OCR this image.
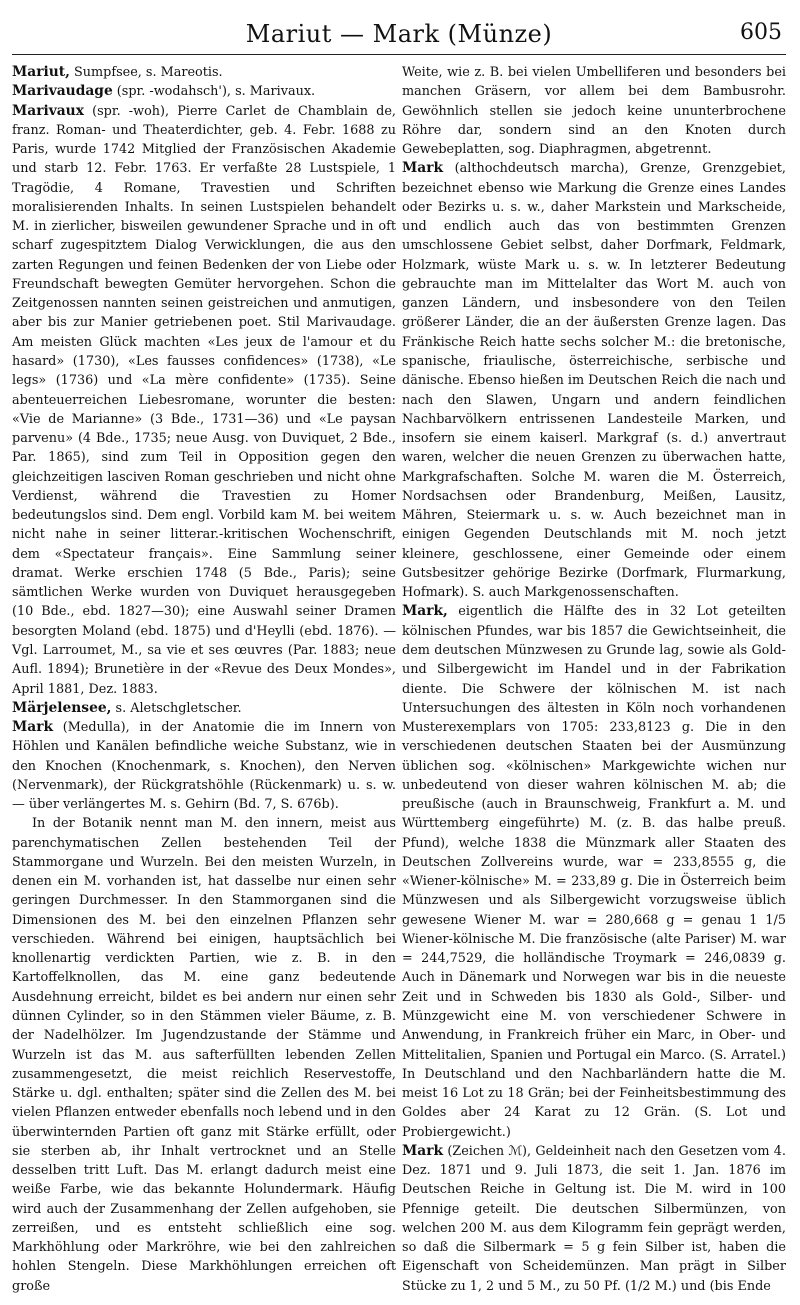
Mariut — Mark (Münze)	605

Mariut, Sumpfsee, s. Mareotis.

Marivaudage (spr. -wodahsch'), s. Marivaux.

Marivaux (spr. -woh), Pierre Carlet de Chamblain de, franz. Roman- und Theaterdichter, geb. 4. Febr. 1688 zu Paris, wurde 1742 Mitglied der Französischen Akademie und starb 12. Febr. 1763. Er verfaßte 28 Lustspiele, 1 Tragödie, 4 Romane, Travestien und Schriften moralisierenden Inhalts. In seinen Lustspielen behandelt M. in zierlicher, bisweilen gewundener Sprache und in oft scharf zugespitztem Dialog Verwicklungen, die aus den zarten Regungen und feinen Bedenken der von Liebe oder Freundschaft bewegten Gemüter hervorgehen. Schon die Zeitgenossen nannten seinen geistreichen und anmutigen, aber bis zur Manier getriebenen poet. Stil Marivaudage. Am meisten Glück machten «Les jeux de l'amour et du hasard» (1730), «Les fausses confidences» (1738), «Le legs» (1736) und «La mère confidente» (1735). Seine abenteuerreichen Liebesromane, worunter die besten: «Vie de Marianne» (3 Bde., 1731—36) und «Le paysan parvenu» (4 Bde., 1735; neue Ausg. von Duviquet, 2 Bde., Par. 1865), sind zum Teil in Opposition gegen den gleichzeitigen lasciven Roman geschrieben und nicht ohne Verdienst, während die Travestien zu Homer bedeutungslos sind. Dem engl. Vorbild kam M. bei weitem nicht nahe in seiner litterar.-kritischen Wochenschrift, dem «Spectateur français». Eine Sammlung seiner dramat. Werke erschien 1748 (5 Bde., Paris); seine sämtlichen Werke wurden von Duviquet herausgegeben (10 Bde., ebd. 1827—30); eine Auswahl seiner Dramen besorgten Moland (ebd. 1875) und d'Heylli (ebd. 1876). — Vgl. Larroumet, M., sa vie et ses œuvres (Par. 1883; neue Aufl. 1894); Brunetière in der «Revue des Deux Mondes», April 1881, Dez. 1883.

Märjelensee, s. Aletschgletscher.

Mark (Medulla), in der Anatomie die im Innern von Höhlen und Kanälen befindliche weiche Substanz, wie in den Knochen (Knochenmark, s. Knochen), den Nerven (Nervenmark), der Rückgratshöhle (Rückenmark) u. s. w. — über verlängertes M. s. Gehirn (Bd. 7, S. 676b).

In der Botanik nennt man M. den innern, meist aus parenchymatischen Zellen bestehenden Teil der Stammorgane und Wurzeln. Bei den meisten Wurzeln, in denen ein M. vorhanden ist, hat dasselbe nur einen sehr geringen Durchmesser. In den Stammorganen sind die Dimensionen des M. bei den einzelnen Pflanzen sehr verschieden. Während bei einigen, hauptsächlich bei knollenartig verdickten Partien, wie z. B. in den Kartoffelknollen, das M. eine ganz bedeutende Ausdehnung erreicht, bildet es bei andern nur einen sehr dünnen Cylinder, so in den Stämmen vieler Bäume, z. B. der Nadelhölzer. Im Jugendzustande der Stämme und Wurzeln ist das M. aus safterfüllten lebenden Zellen zusammengesetzt, die meist reichlich Reservestoffe, Stärke u. dgl. enthalten; später sind die Zellen des M. bei vielen Pflanzen entweder ebenfalls noch lebend und in den überwinternden Partien oft ganz mit Stärke erfüllt, oder sie sterben ab, ihr Inhalt vertrocknet und an Stelle desselben tritt Luft. Das M. erlangt dadurch meist eine weiße Farbe, wie das bekannte Holundermark. Häufig wird auch der Zusammenhang der Zellen aufgehoben, sie zerreißen, und es entsteht schließlich eine sog. Markhöhlung oder Markröhre, wie bei den zahlreichen hohlen Stengeln. Diese Markhöhlungen erreichen oft große

Weite, wie z. B. bei vielen Umbelliferen und besonders bei manchen Gräsern, vor allem bei dem Bambusrohr. Gewöhnlich stellen sie jedoch keine ununterbrochene Röhre dar, sondern sind an den Knoten durch Gewebeplatten, sog. Diaphragmen, abgetrennt.

Mark (althochdeutsch marcha), Grenze, Grenzgebiet, bezeichnet ebenso wie Markung die Grenze eines Landes oder Bezirks u. s. w., daher Markstein und Markscheide, und endlich auch das von bestimmten Grenzen umschlossene Gebiet selbst, daher Dorfmark, Feldmark, Holzmark, wüste Mark u. s. w. In letzterer Bedeutung gebrauchte man im Mittelalter das Wort M. auch von ganzen Ländern, und insbesondere von den Teilen größerer Länder, die an der äußersten Grenze lagen. Das Fränkische Reich hatte sechs solcher M.: die bretonische, spanische, friaulische, österreichische, serbische und dänische. Ebenso hießen im Deutschen Reich die nach und nach den Slawen, Ungarn und andern feindlichen Nachbarvölkern entrissenen Landesteile Marken, und insofern sie einem kaiserl. Markgraf (s. d.) anvertraut waren, welcher die neuen Grenzen zu überwachen hatte, Markgrafschaften. Solche M. waren die M. Österreich, Nordsachsen oder Brandenburg, Meißen, Lausitz, Mähren, Steiermark u. s. w. Auch bezeichnet man in einigen Gegenden Deutschlands mit M. noch jetzt kleinere, geschlossene, einer Gemeinde oder einem Gutsbesitzer gehörige Bezirke (Dorfmark, Flurmarkung, Hofmark). S. auch Markgenossenschaften.

Mark, eigentlich die Hälfte des in 32 Lot geteilten kölnischen Pfundes, war bis 1857 die Gewichtseinheit, die dem deutschen Münzwesen zu Grunde lag, sowie als Gold- und Silbergewicht im Handel und in der Fabrikation diente. Die Schwere der kölnischen M. ist nach Untersuchungen des ältesten in Köln noch vorhandenen Musterexemplars von 1705: 233,8123 g. Die in den verschiedenen deutschen Staaten bei der Ausmünzung üblichen sog. «kölnischen» Markgewichte wichen nur unbedeutend von dieser wahren kölnischen M. ab; die preußische (auch in Braunschweig, Frankfurt a. M. und Württemberg eingeführte) M. (z. B. das halbe preuß. Pfund), welche 1838 die Münzmark aller Staaten des Deutschen Zollvereins wurde, war = 233,8555 g, die «Wiener-kölnische» M. = 233,89 g. Die in Österreich beim Münzwesen und als Silbergewicht vorzugsweise üblich gewesene Wiener M. war = 280,668 g = genau 1 1/5 Wiener-kölnische M. Die französische (alte Pariser) M. war = 244,7529, die holländische Troymark = 246,0839 g. Auch in Dänemark und Norwegen war bis in die neueste Zeit und in Schweden bis 1830 als Gold-, Silber- und Münzgewicht eine M. von verschiedener Schwere in Anwendung, in Frankreich früher ein Marc, in Ober- und Mittelitalien, Spanien und Portugal ein Marco. (S. Arratel.) In Deutschland und den Nachbarländern hatte die M. meist 16 Lot zu 18 Grän; bei der Feinheitsbestimmung des Goldes aber 24 Karat zu 12 Grän. (S. Lot und Probiergewicht.)

Mark (Zeichen ℳ), Geldeinheit nach den Gesetzen vom 4. Dez. 1871 und 9. Juli 1873, die seit 1. Jan. 1876 im Deutschen Reiche in Geltung ist. Die M. wird in 100 Pfennige geteilt. Die deutschen Silbermünzen, von welchen 200 M. aus dem Kilogramm fein geprägt werden, so daß die Silbermark = 5 g fein Silber ist, haben die Eigenschaft von Scheidemünzen. Man prägt in Silber Stücke zu 1, 2 und 5 M., zu 50 Pf. (1/2 M.) und (bis Ende
